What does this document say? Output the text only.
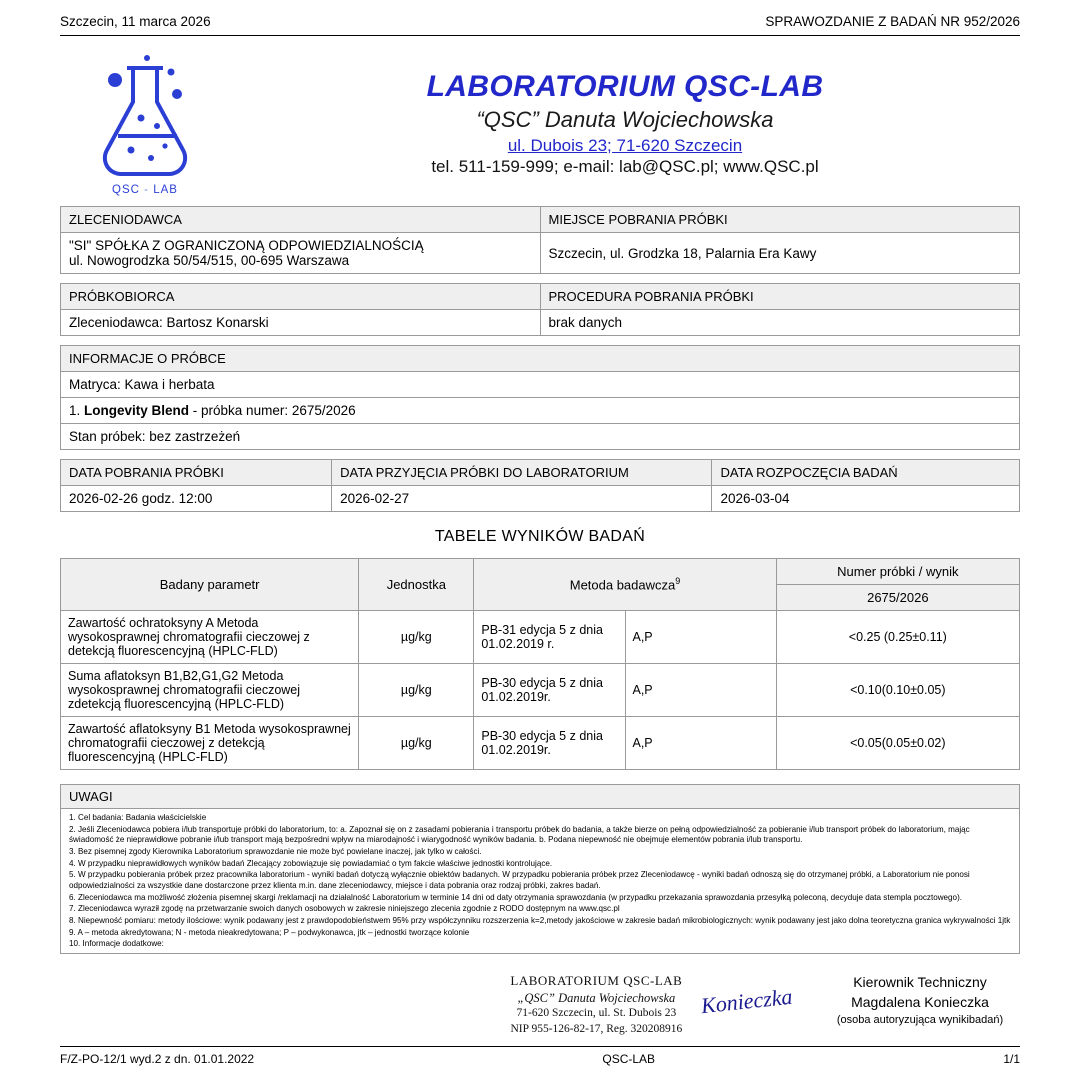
Szczecin, 11 marca 2026	SPRAWOZDANIE Z BADAŃ NR 952/2026
QSC - LAB
LABORATORIUM QSC-LAB
“QSC” Danuta Wojciechowska
ul. Dubois 23; 71-620 Szczecin
tel. 511-159-999; e-mail: lab@QSC.pl; www.QSC.pl
ZLECENIODAWCA	MIEJSCE POBRANIA PRÓBKI

"SI" SPÓŁKA Z OGRANICZONĄ ODPOWIEDZIALNOŚCIĄ
ul. Nowogrodzka 50/54/515, 00-695 Warszawa	Szczecin, ul. Grodzka 18, Palarnia Era Kawy
PRÓBKOBIORCA	PROCEDURA POBRANIA PRÓBKI
Zleceniodawca: Bartosz Konarski	brak danych
INFORMACJE O PRÓBCE
Matryca: Kawa i herbata
1. Longevity Blend - próbka numer: 2675/2026
Stan próbek: bez zastrzeżeń
DATA POBRANIA PRÓBKI	DATA PRZYJĘCIA PRÓBKI DO LABORATORIUM	DATA ROZPOCZĘCIA BADAŃ
2026-02-26 godz. 12:00	2026-02-27	2026-03-04
TABELE WYNIKÓW BADAŃ
Badany parametr	Jednostka	Metoda badawcza$^9$		Numer próbki / wynik
				2675/2026
Zawartość ochratoksyny A Metoda wysokosprawnej chromatografii cieczowej z detekcją fluorescencyjną (HPLC-FLD)	µg/kg	PB-31 edycja 5 z dnia 01.02.2019 r.	A,P	<0.25 (0.25±0.11)
Suma aflatoksyn B1,B2,G1,G2 Metoda wysokosprawnej chromatografii cieczowej zdetekcją fluorescencyjną (HPLC-FLD)	µg/kg	PB-30 edycja 5 z dnia 01.02.2019r.	A,P	<0.10(0.10±0.05)
Zawartość aflatoksyny B1 Metoda wysokosprawnej chromatografii cieczowej z detekcją fluorescencyjną (HPLC-FLD)	µg/kg	PB-30 edycja 5 z dnia 01.02.2019r.	A,P	<0.05(0.05±0.02)
UWAGI

1. Cel badania: Badania właścicielskie

2. Jeśli Zleceniodawca pobiera i/lub transportuje próbki do laboratorium, to: a. Zapoznał się on z zasadami pobierania i transportu próbek do badania, a także bierze on pełną odpowiedzialność za pobieranie i/lub transport próbek do laboratorium, mając świadomość że nieprawidłowe pobranie i/lub transport mają bezpośredni wpływ na miarodajność i wiarygodność wyników badania. b. Podana niepewność nie obejmuje elementów pobrania i/lub transportu.

3. Bez pisemnej zgody Kierownika Laboratorium sprawozdanie nie może być powielane inaczej, jak tylko w całości.

4. W przypadku nieprawidłowych wyników badań Zlecający zobowiązuje się powiadamiać o tym fakcie właściwe jednostki kontrolujące.

5. W przypadku pobierania próbek przez pracownika laboratorium - wyniki badań dotyczą wyłącznie obiektów badanych. W przypadku pobierania próbek przez Zleceniodawcę - wyniki badań odnoszą się do otrzymanej próbki, a Laboratorium nie ponosi odpowiedzialności za wszystkie dane dostarczone przez klienta m.in. dane zleceniodawcy, miejsce i data pobrania oraz rodzaj próbki, zakres badań.

6. Zleceniodawca ma możliwość złożenia pisemnej skargi /reklamacji na działalność Laboratorium w terminie 14 dni od daty otrzymania sprawozdania (w przypadku przekazania sprawozdania przesyłką poleconą, decyduje data stempla pocztowego).

7. Zleceniodawca wyraził zgodę na przetwarzanie swoich danych osobowych w zakresie niniejszego zlecenia zgodnie z RODO dostępnym na www.qsc.pl

8. Niepewność pomiaru: metody ilościowe: wynik podawany jest z prawdopodobieństwem 95% przy współczynniku rozszerzenia k=2,metody jakościowe w zakresie badań mikrobiologicznych: wynik podawany jest jako dolna teoretyczna granica wykrywalności 1jtk

9. A – metoda akredytowana; N - metoda nieakredytowana; P – podwykonawca, jtk – jednostki tworzące kolonie

10. Informacje dodatkowe:

LABORATORIUM QSC-LAB
„QSC” Danuta Wojciechowska
71-620 Szczecin, ul. St. Dubois 23
NIP 955-126-82-17, Reg. 320208916
Konieczka
Kierownik Techniczny
Magdalena Konieczka
(osoba autoryzująca wynikibadań)
F/Z-PO-12/1 wyd.2 z dn. 01.01.2022	QSC-LAB	1/1
